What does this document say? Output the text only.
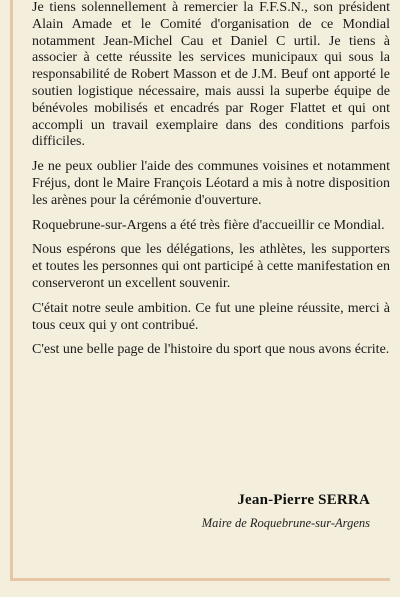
Je tiens solennellement à remercier la F.F.S.N., son président Alain Amade et le Comité d'organisation de ce Mondial notamment Jean-Michel Cau et Daniel C urtil. Je tiens à associer à cette réussite les services municipaux qui sous la responsabilité de Robert Masson et de J.M. Beuf ont apporté le soutien logistique nécessaire, mais aussi la superbe équipe de bénévoles mobilisés et encadrés par Roger Flattet et qui ont accompli un travail exemplaire dans des conditions parfois difficiles.

Je ne peux oublier l'aide des communes voisines et notamment Fréjus, dont le Maire François Léotard a mis à notre disposition les arènes pour la cérémonie d'ouverture.

Roquebrune-sur-Argens a été très fière d'accueillir ce Mondial.

Nous espérons que les délégations, les athlètes, les supporters et toutes les personnes qui ont participé à cette manifestation en conserveront un excellent souvenir.

C'était notre seule ambition. Ce fut une pleine réussite, merci à tous ceux qui y ont contribué.

C'est une belle page de l'histoire du sport que nous avons écrite.

Jean-Pierre SERRA
Maire de Roquebrune-sur-Argens
